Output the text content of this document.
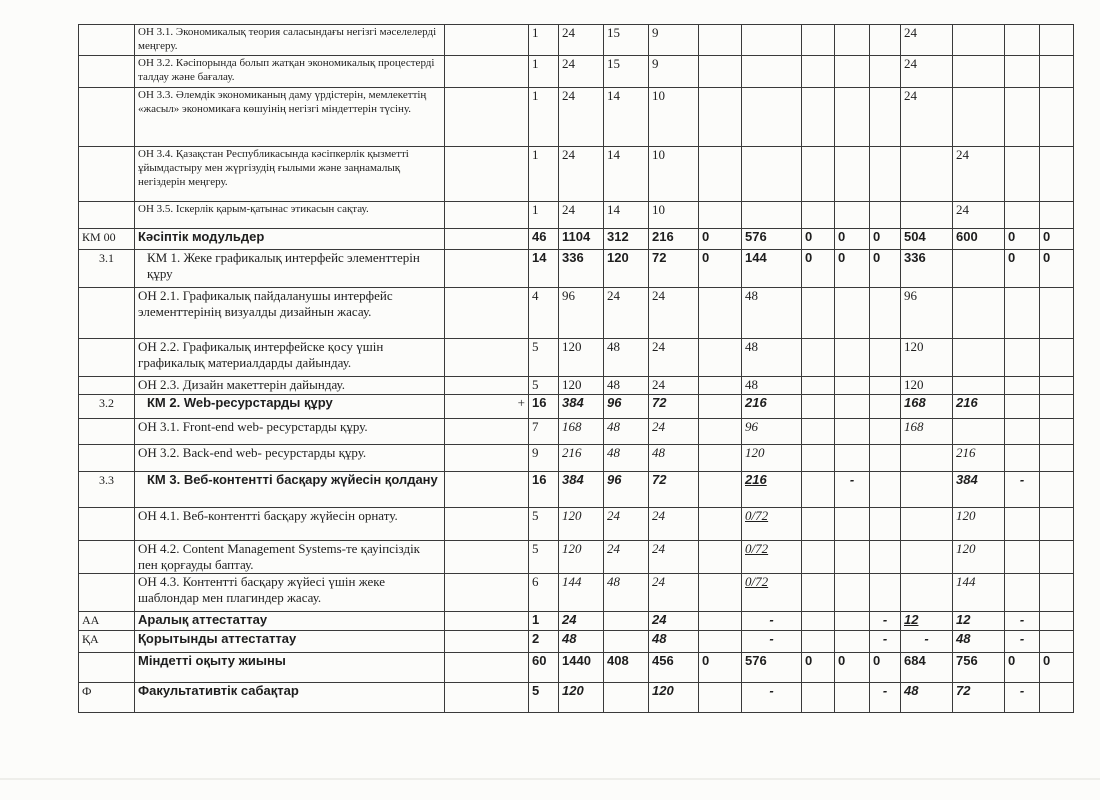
	ОН 3.1. Экономикалық теория саласындағы негізгі мәселелерді меңгеру.		1	24	15	9						24			
	ОН 3.2. Кәсіпорында болып жатқан экономикалық процестерді талдау және бағалау.		1	24	15	9						24			
	ОН 3.3. Әлемдік экономиканың даму үрдістерін, мемлекеттің «жасыл» экономикаға көшуінің негізгі міндеттерін түсіну.		1	24	14	10						24			
	ОН 3.4. Қазақстан Республикасында кәсіпкерлік қызметті ұйымдастыру мен жүргізудің ғылыми және заңнамалық негіздерін меңгеру.		1	24	14	10							24		
	ОН 3.5. Іскерлік қарым-қатынас этикасын сақтау.		1	24	14	10							24		
КМ 00	Кәсіптік модульдер		46	1104	312	216	0	576	0	0	0	504	600	0	0
3.1	КМ 1. Жеке графикалық интерфейс элементтерін құру		14	336	120	72	0	144	0	0	0	336		0	0
	ОН 2.1. Графикалық пайдаланушы интерфейс элементтерінің визуалды дизайнын жасау.		4	96	24	24		48				96			
	ОН 2.2. Графикалық интерфейске қосу үшін графикалық материалдарды дайындау.		5	120	48	24		48				120			
	ОН 2.3. Дизайн макеттерін дайындау.		5	120	48	24		48				120			
3.2	КМ 2. Web-ресурстарды құру	+	16	384	96	72		216				168	216		
	ОН 3.1. Front-end web- ресурстарды құру.		7	168	48	24		96				168			
	ОН 3.2. Back-end web- ресурстарды құру.		9	216	48	48		120					216		
3.3	КМ 3. Веб-контентті басқару жүйесін қолдану		16	384	96	72		216		-			384	-	
	ОН 4.1. Веб-контентті басқару жүйесін орнату.		5	120	24	24		0/72					120		
	ОН 4.2. Content Management Systems-те қауіпсіздік пен қорғауды баптау.		5	120	24	24		0/72					120		
	ОН 4.3. Контентті басқару жүйесі үшін жеке шаблондар мен плагиндер жасау.		6	144	48	24		0/72					144		
АА	Аралық аттестаттау		1	24		24		-			-	12	12	-	
ҚА	Қорытынды аттестаттау		2	48		48		-			-	-	48	-	
	Міндетті оқыту жиыны		60	1440	408	456	0	576	0	0	0	684	756	0	0
Ф	Факультативтік сабақтар		5	120		120		-			-	48	72	-	
